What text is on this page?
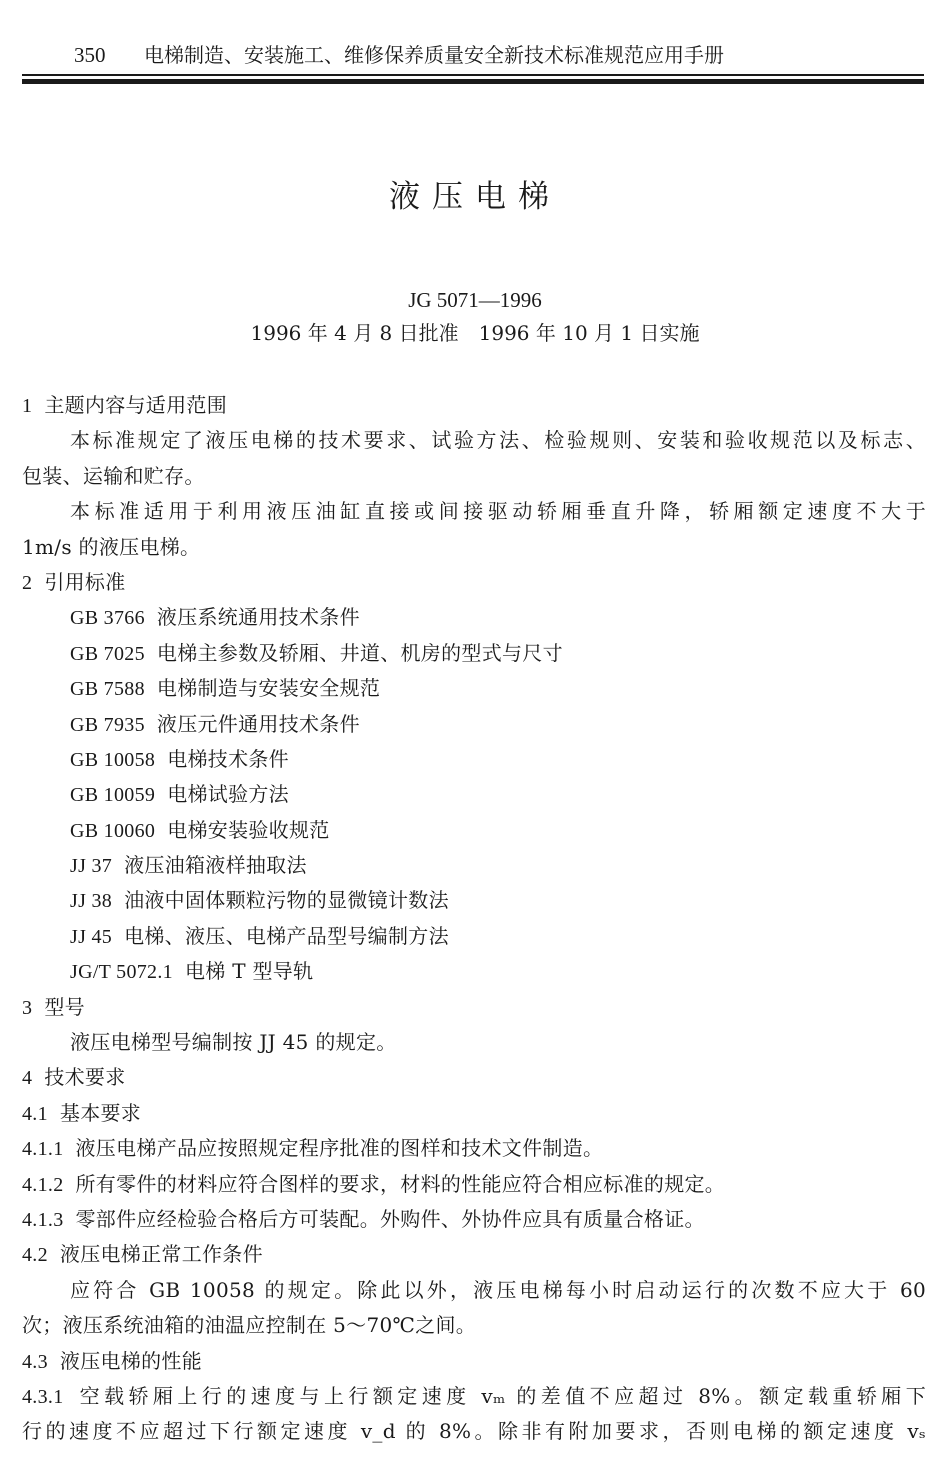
350 电梯制造、安装施工、维修保养质量安全新技术标准规范应用手册
液压电梯
JG 5071—1996
1996 年 4 月 8 日批准　1996 年 10 月 1 日实施
1 主题内容与适用范围
本标准规定了液压电梯的技术要求、试验方法、检验规则、安装和验收规范以及标志、
包装、运输和贮存。
本标准适用于利用液压油缸直接或间接驱动轿厢垂直升降，轿厢额定速度不大于
1m/s 的液压电梯。
2 引用标准
GB 3766 液压系统通用技术条件
GB 7025 电梯主参数及轿厢、井道、机房的型式与尺寸
GB 7588 电梯制造与安装安全规范
GB 7935 液压元件通用技术条件
GB 10058 电梯技术条件
GB 10059 电梯试验方法
GB 10060 电梯安装验收规范
JJ 37 液压油箱液样抽取法
JJ 38 油液中固体颗粒污物的显微镜计数法
JJ 45 电梯、液压、电梯产品型号编制方法
JG/T 5072.1 电梯 T 型导轨
3 型号
液压电梯型号编制按 JJ 45 的规定。
4 技术要求
4.1 基本要求
4.1.1 液压电梯产品应按照规定程序批准的图样和技术文件制造。
4.1.2 所有零件的材料应符合图样的要求，材料的性能应符合相应标准的规定。
4.1.3 零部件应经检验合格后方可装配。外购件、外协件应具有质量合格证。
4.2 液压电梯正常工作条件
应符合 GB 10058 的规定。除此以外，液压电梯每小时启动运行的次数不应大于 60
次；液压系统油箱的油温应控制在 5～70℃之间。
4.3 液压电梯的性能
4.3.1 空载轿厢上行的速度与上行额定速度 vₘ 的差值不应超过 8%。额定载重轿厢下
行的速度不应超过下行额定速度 v_d 的 8%。除非有附加要求，否则电梯的额定速度 vₛ
